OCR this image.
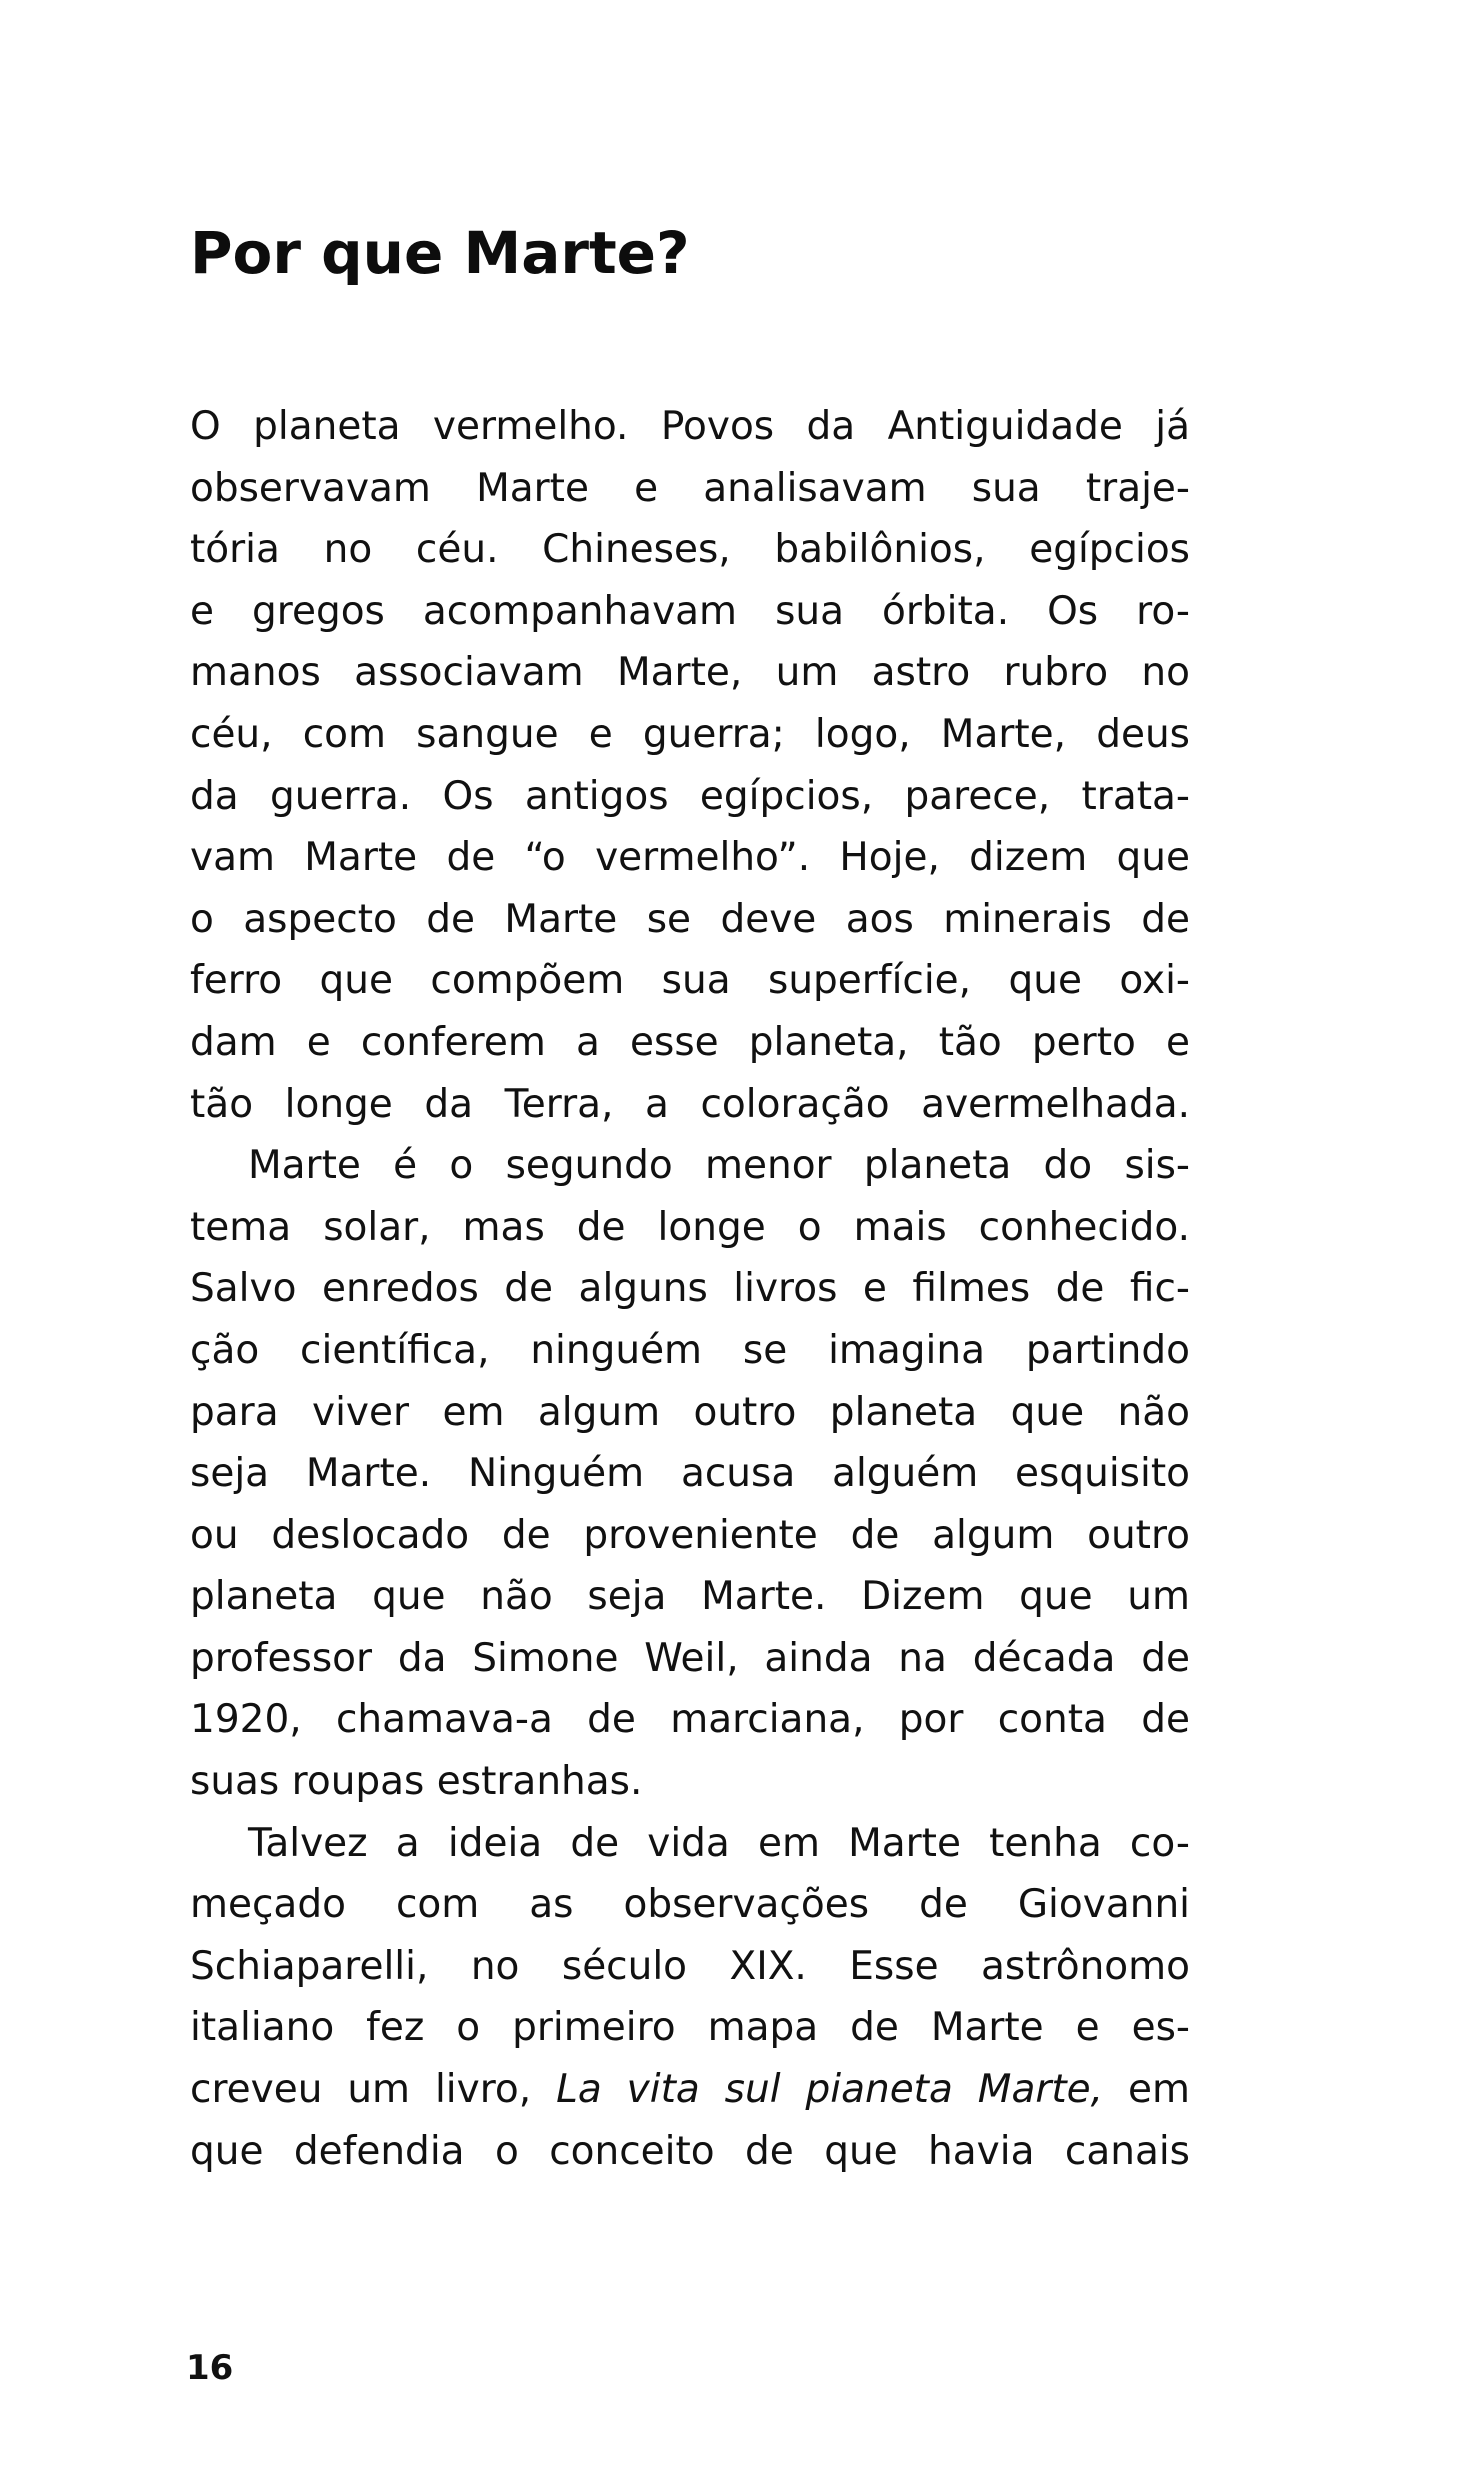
Por que Marte?
O planeta vermelho. Povos da Antiguidade já
observavam Marte e analisavam sua traje-
tória no céu. Chineses, babilônios, egípcios
e gregos acompanhavam sua órbita. Os ro-
manos associavam Marte, um astro rubro no
céu, com sangue e guerra; logo, Marte, deus
da guerra. Os antigos egípcios, parece, trata-
vam Marte de “o vermelho”. Hoje, dizem que
o aspecto de Marte se deve aos minerais de
ferro que compõem sua superfície, que oxi-
dam e conferem a esse planeta, tão perto e
tão longe da Terra, a coloração avermelhada.
Marte é o segundo menor planeta do sis-
tema solar, mas de longe o mais conhecido.
Salvo enredos de alguns livros e filmes de fic-
ção científica, ninguém se imagina partindo
para viver em algum outro planeta que não
seja Marte. Ninguém acusa alguém esquisito
ou deslocado de proveniente de algum outro
planeta que não seja Marte. Dizem que um
professor da Simone Weil, ainda na década de
1920, chamava-a de marciana, por conta de
suas roupas estranhas.
Talvez a ideia de vida em Marte tenha co-
meçado com as observações de Giovanni
Schiaparelli, no século XIX. Esse astrônomo
italiano fez o primeiro mapa de Marte e es-
creveu um livro, La vita sul pianeta Marte, em
que defendia o conceito de que havia canais
16
